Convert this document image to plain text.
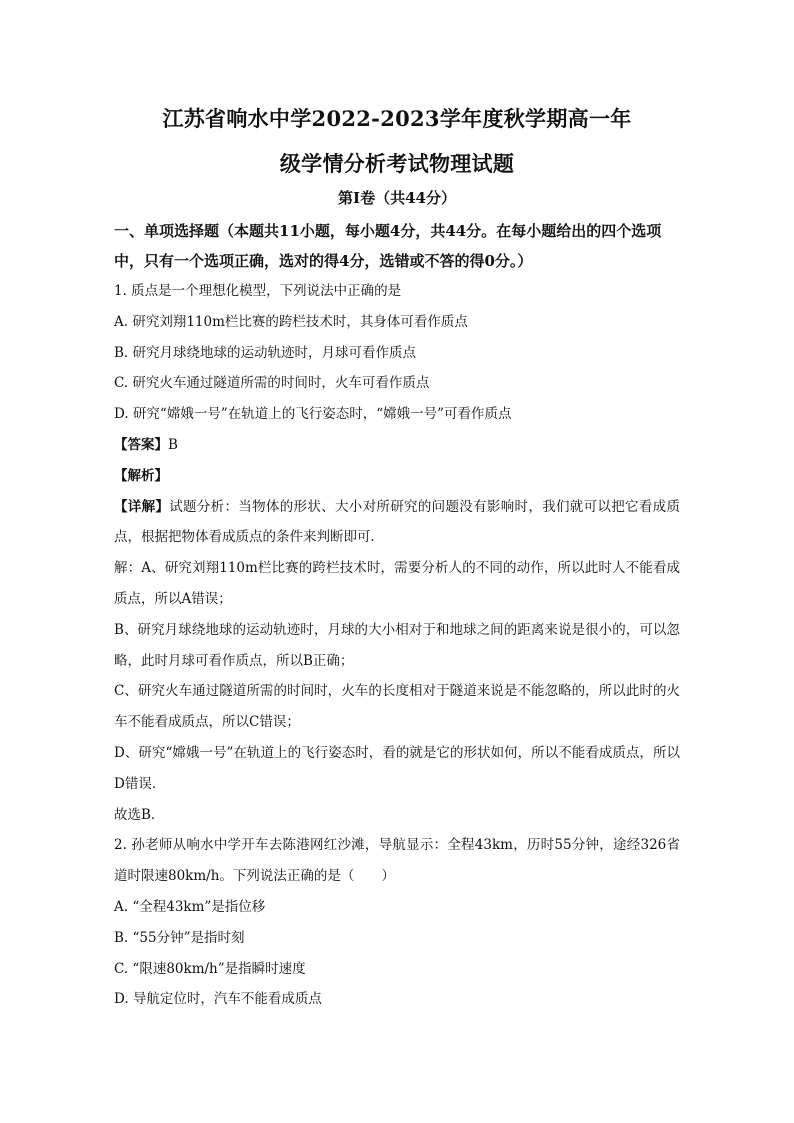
江苏省响水中学2022-2023学年度秋学期高一年
级学情分析考试物理试题
第Ⅰ卷（共44分）
一、单项选择题（本题共11小题，每小题4分，共44分。在每小题给出的四个选项中，只有一个选项正确，选对的得4分，选错或不答的得0分。）
1. 质点是一个理想化模型，下列说法中正确的是
A. 研究刘翔110m栏比赛的跨栏技术时，其身体可看作质点
B. 研究月球绕地球的运动轨迹时，月球可看作质点
C. 研究火车通过隧道所需的时间时，火车可看作质点
D. 研究“嫦娥一号”在轨道上的飞行姿态时，“嫦娥一号”可看作质点
【答案】B
【解析】
【详解】试题分析：当物体的形状、大小对所研究的问题没有影响时，我们就可以把它看成质点，根据把物体看成质点的条件来判断即可．
解：A、研究刘翔110m栏比赛的跨栏技术时，需要分析人的不同的动作，所以此时人不能看成质点，所以A错误；
B、研究月球绕地球的运动轨迹时，月球的大小相对于和地球之间的距离来说是很小的，可以忽略，此时月球可看作质点，所以B正确；
C、研究火车通过隧道所需的时间时，火车的长度相对于隧道来说是不能忽略的，所以此时的火车不能看成质点，所以C错误；
D、研究“嫦娥一号”在轨道上的飞行姿态时，看的就是它的形状如何，所以不能看成质点，所以D错误．
故选B．
2. 孙老师从响水中学开车去陈港网红沙滩，导航显示：全程43km，历时55分钟，途经326省道时限速80km/h。下列说法正确的是（　　）
A. “全程43km”是指位移
B. “55分钟”是指时刻
C. “限速80km/h”是指瞬时速度
D. 导航定位时，汽车不能看成质点
